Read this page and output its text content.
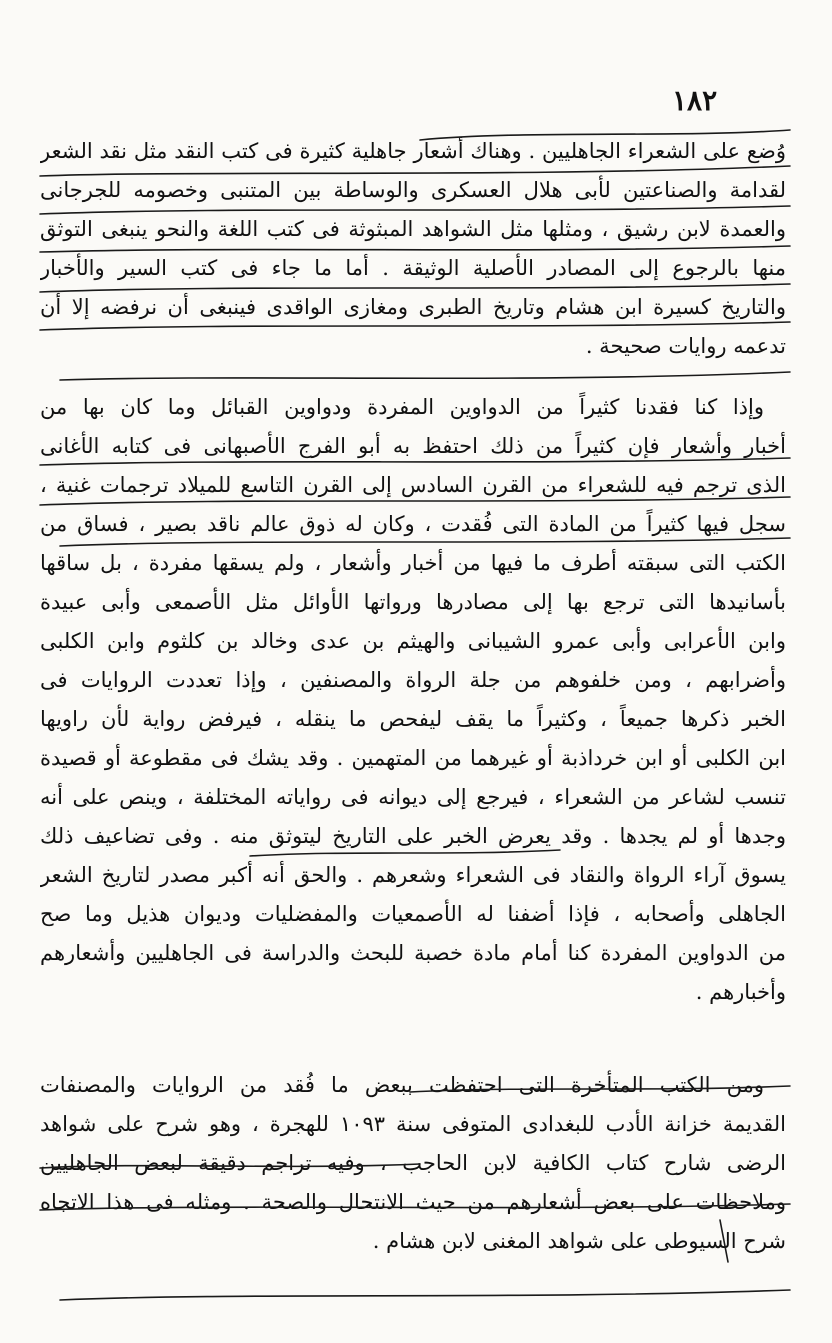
١٨٢
وُضع على الشعراء الجاهليين . وهناك أشعار جاهلية كثيرة فى كتب النقد مثل نقد الشعر
لقدامة والصناعتين لأبى هلال العسكرى والوساطة بين المتنبى وخصومه للجرجانى
والعمدة لابن رشيق ، ومثلها مثل الشواهد المبثوثة فى كتب اللغة والنحو ينبغى التوثق
منها بالرجوع إلى المصادر الأصلية الوثيقة . أما ما جاء فى كتب السير والأخبار
والتاريخ كسيرة ابن هشام وتاريخ الطبرى ومغازى الواقدى فينبغى أن نرفضه إلا أن
تدعمه روايات صحيحة .
وإذا كنا فقدنا كثيراً من الدواوين المفردة ودواوين القبائل وما كان بها من
أخبار وأشعار فإن كثيراً من ذلك احتفظ به أبو الفرج الأصبهانى فى كتابه الأغانى
الذى ترجم فيه للشعراء من القرن السادس إلى القرن التاسع للميلاد ترجمات غنية ،
سجل فيها كثيراً من المادة التى فُقدت ، وكان له ذوق عالم ناقد بصير ، فساق من
الكتب التى سبقته أطرف ما فيها من أخبار وأشعار ، ولم يسقها مفردة ، بل ساقها
بأسانيدها التى ترجع بها إلى مصادرها ورواتها الأوائل مثل الأصمعى وأبى عبيدة
وابن الأعرابى وأبى عمرو الشيبانى والهيثم بن عدى وخالد بن كلثوم وابن الكلبى
وأضرابهم ، ومن خلفوهم من جلة الرواة والمصنفين ، وإذا تعددت الروايات فى
الخبر ذكرها جميعاً ، وكثيراً ما يقف ليفحص ما ينقله ، فيرفض رواية لأن راويها
ابن الكلبى أو ابن خرداذبة أو غيرهما من المتهمين . وقد يشك فى مقطوعة أو قصيدة
تنسب لشاعر من الشعراء ، فيرجع إلى ديوانه فى رواياته المختلفة ، وينص على أنه
وجدها أو لم يجدها . وقد يعرض الخبر على التاريخ ليتوثق منه . وفى تضاعيف ذلك
يسوق آراء الرواة والنقاد فى الشعراء وشعرهم . والحق أنه أكبر مصدر لتاريخ الشعر
الجاهلى وأصحابه ، فإذا أضفنا له الأصمعيات والمفضليات وديوان هذيل وما صح
من الدواوين المفردة كنا أمام مادة خصبة للبحث والدراسة فى الجاهليين وأشعارهم
وأخبارهم .
ومن الكتب المتأخرة التى احتفظت ببعض ما فُقد من الروايات والمصنفات
القديمة خزانة الأدب للبغدادى المتوفى سنة ١٠٩٣ للهجرة ، وهو شرح على شواهد
الرضى شارح كتاب الكافية لابن الحاجب ، وفيه تراجم دقيقة لبعض الجاهليين
وملاحظات على بعض أشعارهم من حيث الانتحال والصحة . ومثله فى هذا الاتجاه
شرح السيوطى على شواهد المغنى لابن هشام .
